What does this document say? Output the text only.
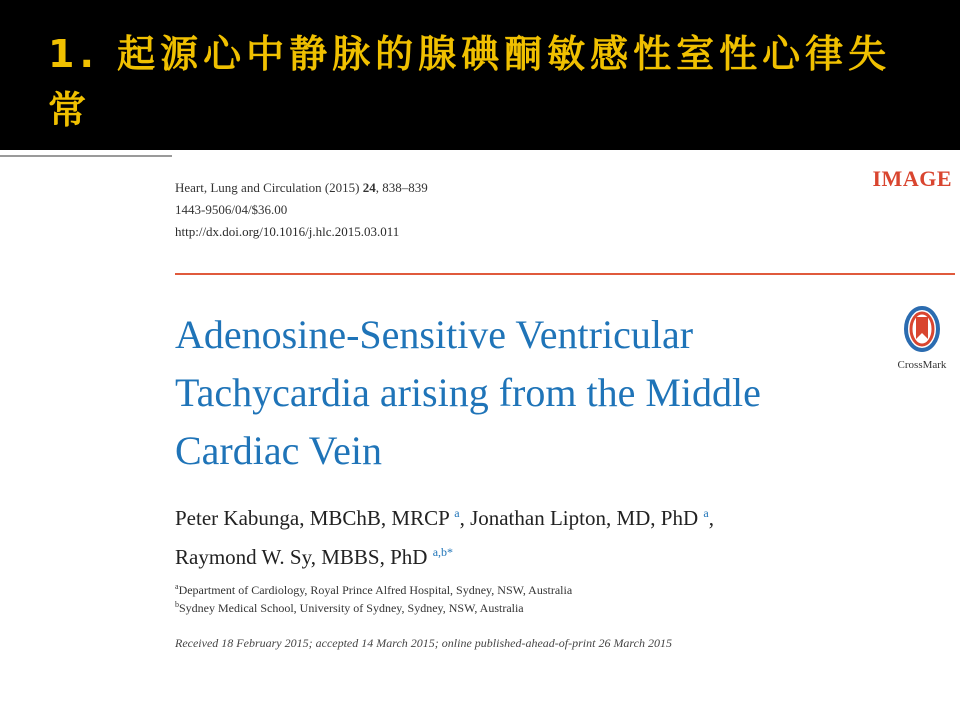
1. 起源心中静脉的腺碘酮敏感性室性心律失常
Heart, Lung and Circulation (2015) 24, 838–839
1443-9506/04/$36.00
http://dx.doi.org/10.1016/j.hlc.2015.03.011
IMAGE
Adenosine-Sensitive Ventricular
Tachycardia arising from the Middle
Cardiac Vein
CrossMark
Peter Kabunga, MBChB, MRCP $^a$, Jonathan Lipton, MD, PhD $^a$,
Raymond W. Sy, MBBS, PhD $^{a,b*}$
$^a$Department of Cardiology, Royal Prince Alfred Hospital, Sydney, NSW, Australia
$^b$Sydney Medical School, University of Sydney, Sydney, NSW, Australia
Received 18 February 2015; accepted 14 March 2015; online published-ahead-of-print 26 March 2015
